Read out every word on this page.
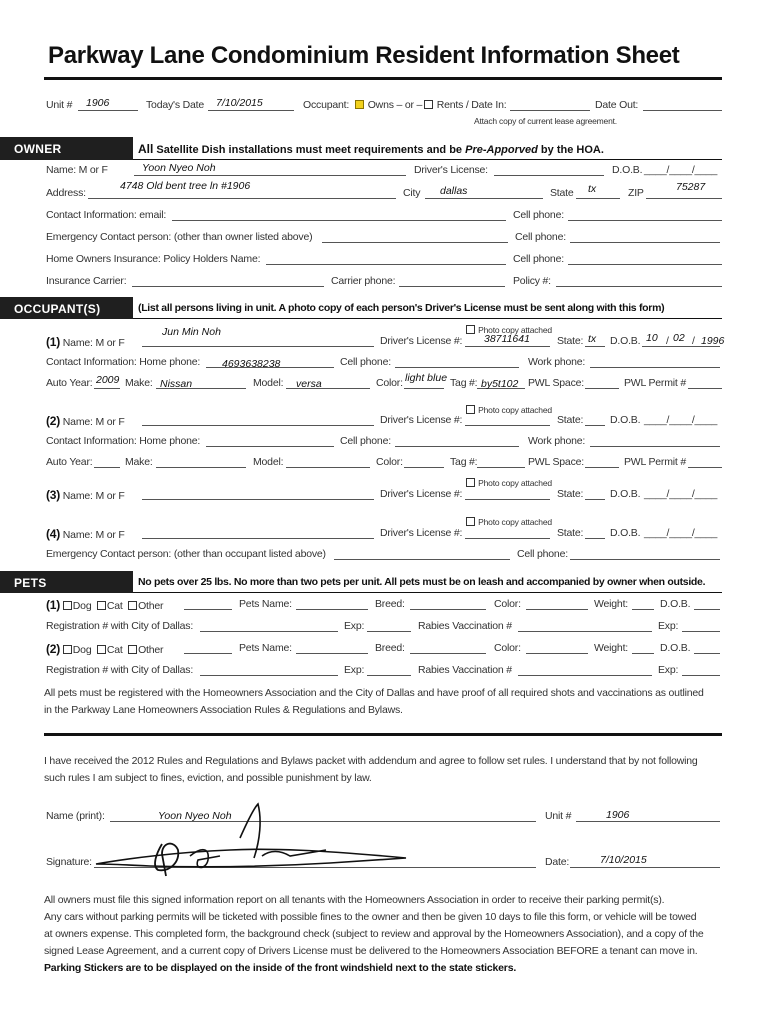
Parkway Lane Condominium Resident Information Sheet
Unit # 1906	Today's Date 7/10/2015	Occupant:	Owns – or –	Rents / Date In:	Date Out:
Attach copy of current lease agreement.
OWNER	All Satellite Dish installations must meet requirements and be Pre-Apporved by the HOA.
Name: M or F	Yoon Nyeo Noh	Driver's License:	D.O.B. ____/____/____
Address:
4748 Old bent tree ln #1906
City dallas	State tx	ZIP	75287
Contact Information: email:	Cell phone:
Emergency Contact person: (other than owner listed above)	Cell phone:
Home Owners Insurance: Policy Holders Name:	Cell phone:
Insurance Carrier:	Carrier phone:	Policy #:
OCCUPANT(S)	(List all persons living in unit. A photo copy of each person's Driver's License must be sent along with this form)
Photo copy attached
(1) Name: M or F
Jun Min Noh
Driver's License #: 38711641	State: tx D.O.B. 10 / 02 / 1996
Contact Information: Home phone: 4693638238	Cell phone:	Work phone:
Auto Year: 2009 Make: Nissan	Model: versa	Color: light blue Tag #: by5t102 PWL Space:	PWL Permit #
Photo copy attached
(2) Name: M or F	Driver's License #:	State:	D.O.B. ____/____/____
Contact Information: Home phone:	Cell phone:	Work phone:
Auto Year:	Make:	Model:	Color:	Tag #:	PWL Space:	PWL Permit #
Photo copy attached
(3) Name: M or F	Driver's License #:	State:	D.O.B. ____/____/____
Photo copy attached
(4) Name: M or F	Driver's License #:	State:	D.O.B. ____/____/____
Emergency Contact person: (other than occupant listed above)	Cell phone:
PETS	No pets over 25 lbs. No more than two pets per unit. All pets must be on leash and accompanied by owner when outside.
(1) Dog Cat Other	Pets Name:	Breed:	Color:	Weight:	D.O.B.
Registration # with City of Dallas:	Exp:	Rabies Vaccination #	Exp:
(2) Dog Cat Other	Pets Name:	Breed:	Color:	Weight:	D.O.B.
Registration # with City of Dallas:	Exp:	Rabies Vaccination #	Exp:
All pets must be registered with the Homeowners Association and the City of Dallas and have proof of all required shots and vaccinations as outlined
in the Parkway Lane Homeowners Association Rules & Regulations and Bylaws.
I have received the 2012 Rules and Regulations and Bylaws packet with addendum and agree to follow set rules. I understand that by not following
such rules I am subject to fines, eviction, and possible punishment by law.
Name (print):	Yoon Nyeo Noh	Unit #	1906
Signature:	Date:	7/10/2015
All owners must file this signed information report on all tenants with the Homeowners Association in order to receive their parking permit(s).
Any cars without parking permits will be ticketed with possible fines to the owner and then be given 10 days to file this form, or vehicle will be towed
at owners expense. This completed form, the background check (subject to review and approval by the Homeowners Association), and a copy of the
signed Lease Agreement, and a current copy of Drivers License must be delivered to the Homeowners Association BEFORE a tenant can move in.
Parking Stickers are to be displayed on the inside of the front windshield next to the state stickers.
